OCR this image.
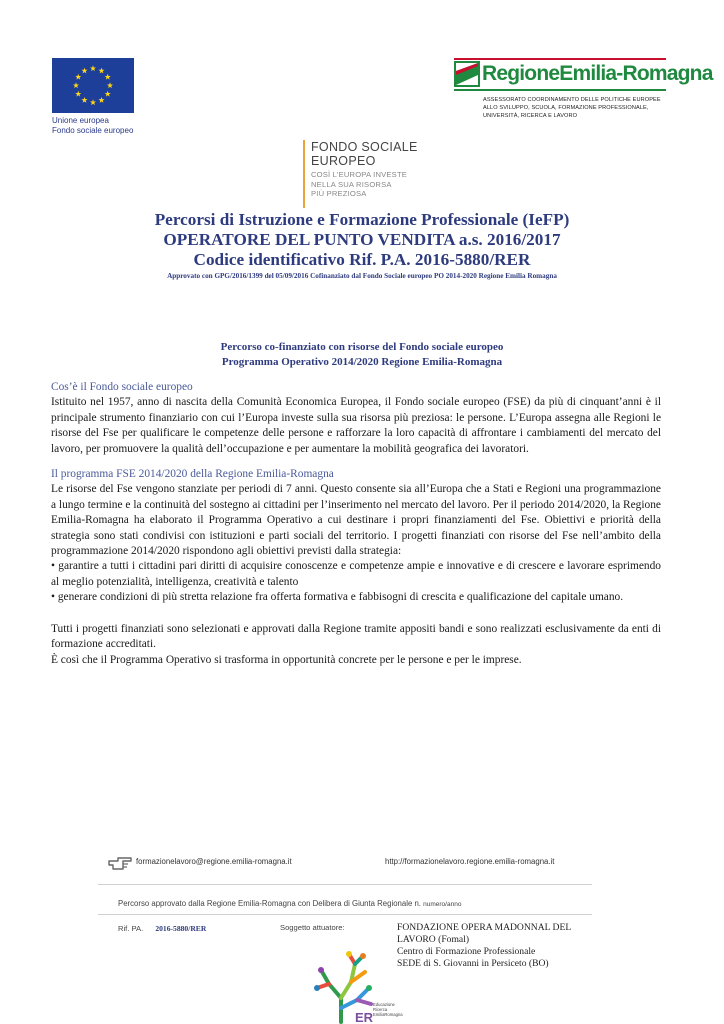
Unione europea
Fondo sociale europeo
RegioneEmilia-Romagna
ASSESSORATO COORDINAMENTO DELLE POLITICHE EUROPEE
ALLO SVILUPPO, SCUOLA, FORMAZIONE PROFESSIONALE,
UNIVERSITÀ, RICERCA E LAVORO
FONDO SOCIALE
EUROPEO
COSÌ L’EUROPA INVESTE
NELLA SUA RISORSA
PIÙ PREZIOSA
Percorsi di Istruzione e Formazione Professionale (IeFP)
OPERATORE DEL PUNTO VENDITA a.s. 2016/2017
Codice identificativo Rif. P.A. 2016-5880/RER
Approvato con GPG/2016/1399 del 05/09/2016 Cofinanziato dal Fondo Sociale europeo PO 2014-2020 Regione Emilia Romagna
Percorso co-finanziato con risorse del Fondo sociale europeo
Programma Operativo 2014/2020 Regione Emilia-Romagna
Cos’è il Fondo sociale europeo
Istituito nel 1957, anno di nascita della Comunità Economica Europea, il Fondo sociale europeo (FSE) da più di cinquant’anni è il principale strumento finanziario con cui l’Europa investe sulla sua risorsa più preziosa: le persone. L’Europa assegna alle Regioni le risorse del Fse per qualificare le competenze delle persone e rafforzare la loro capacità di affrontare i cambiamenti del mercato del lavoro, per promuovere la qualità dell’occupazione e per aumentare la mobilità geografica dei lavoratori.
Il programma FSE 2014/2020 della Regione Emilia-Romagna
Le risorse del Fse vengono stanziate per periodi di 7 anni. Questo consente sia all’Europa che a Stati e Regioni una programmazione a lungo termine e la continuità del sostegno ai cittadini per l’inserimento nel mercato del lavoro. Per il periodo 2014/2020, la Regione Emilia-Romagna ha elaborato il Programma Operativo a cui destinare i propri finanziamenti del Fse. Obiettivi e priorità della strategia sono stati condivisi con istituzioni e parti sociali del territorio. I progetti finanziati con risorse del Fse nell’ambito della programmazione 2014/2020 rispondono agli obiettivi previsti dalla strategia:
• garantire a tutti i cittadini pari diritti di acquisire conoscenze e competenze ampie e innovative e di crescere e lavorare esprimendo al meglio potenzialità, intelligenza, creatività e talento
• generare condizioni di più stretta relazione fra offerta formativa e fabbisogni di crescita e qualificazione del capitale umano.
Tutti i progetti finanziati sono selezionati e approvati dalla Regione tramite appositi bandi e sono realizzati esclusivamente da enti di formazione accreditati.
È così che il Programma Operativo si trasforma in opportunità concrete per le persone e per le imprese.
formazionelavoro@regione.emilia-romagna.it	http://formazionelavoro.regione.emilia-romagna.it
Percorso approvato dalla Regione Emilia-Romagna con Delibera di Giunta Regionale n. numero/anno
Rif. PA. 2016-5880/RER	Soggetto attuatore:	FONDAZIONE OPERA MADONNAL DEL LAVORO (Fomal)
Centro di Formazione Professionale
SEDE di S. Giovanni in Persiceto (BO)
ER
Educazione
Ricerca
EmiliaRomagna
